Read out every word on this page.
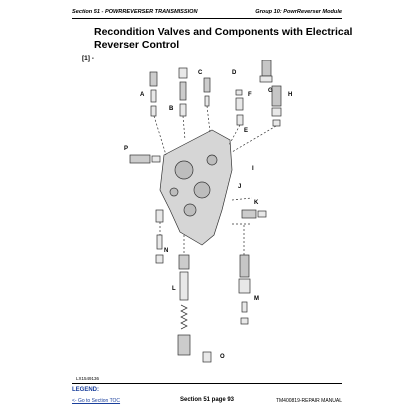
Section 51 - POWRREVERSER TRANSMISSION	Group 10: PowrReverser Module
Recondition Valves and Components with Electrical Reverser Control
[1] -
A
B
C	D
E
F
G
H
I
J
K
L
M
N
O
P
LX1549136
LEGEND:
<- Go to Section TOC	Section 51 page 93	TM400819-REPAIR MANUAL
